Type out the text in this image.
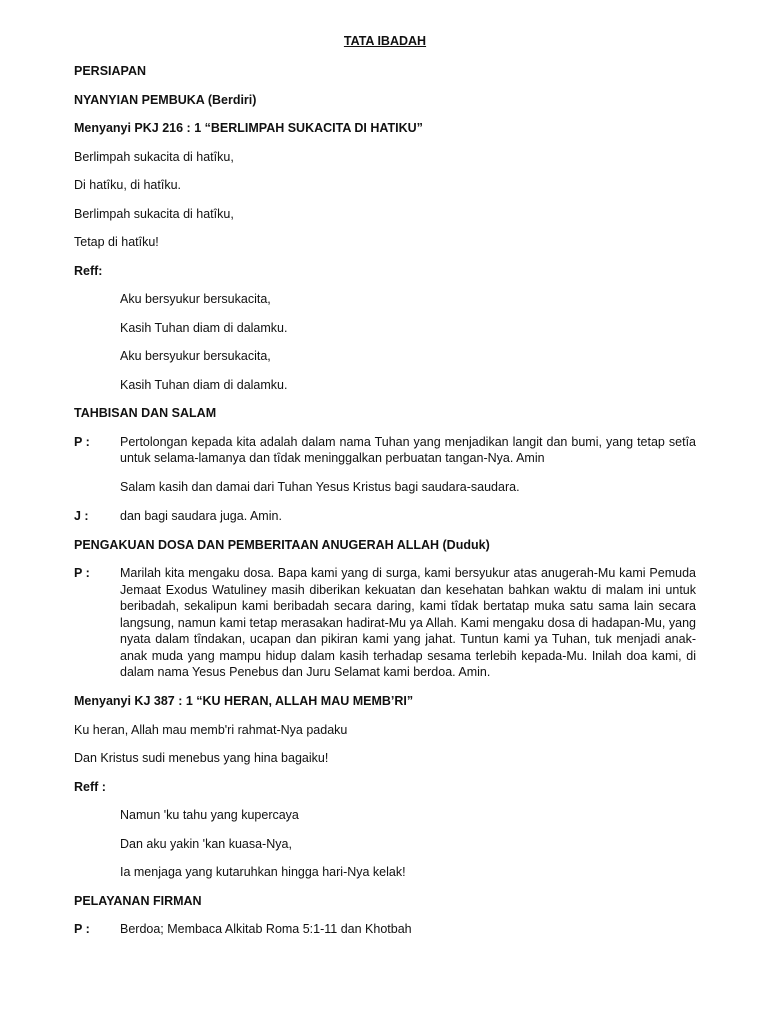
TATA IBADAH
PERSIAPAN
NYANYIAN PEMBUKA (Berdiri)
Menyanyi PKJ 216 : 1 “BERLIMPAH SUKACITA DI HATIKU”
Berlimpah sukacita di hatȋku,
Di hatȋku, di hatȋku.
Berlimpah sukacita di hatȋku,
Tetap di hatȋku!
Reff:
Aku bersyukur bersukacita,
Kasih Tuhan diam di dalamku.
Aku bersyukur bersukacita,
Kasih Tuhan diam di dalamku.
TAHBISAN DAN SALAM
P :	Pertolongan kepada kita adalah dalam nama Tuhan yang menjadikan langit dan bumi, yang tetap setȋa untuk selama-lamanya dan tȋdak meninggalkan perbuatan tangan-Nya. Amin
Salam kasih dan damai dari Tuhan Yesus Kristus bagi saudara-saudara.
J :	dan bagi saudara juga. Amin.
PENGAKUAN DOSA DAN PEMBERITAAN ANUGERAH ALLAH (Duduk)
P :	Marilah kita mengaku dosa. Bapa kami yang di surga, kami bersyukur atas anugerah-Mu kami Pemuda Jemaat Exodus Watuliney masih diberikan kekuatan dan kesehatan bahkan waktu di malam ini untuk beribadah, sekalipun kami beribadah secara daring, kami tȋdak bertatap muka satu sama lain secara langsung, namun kami tetap merasakan hadirat-Mu ya Allah. Kami mengaku dosa di hadapan-Mu, yang nyata dalam tȋndakan, ucapan dan pikiran kami yang jahat. Tuntun kami ya Tuhan, tuk menjadi anak-anak muda yang mampu hidup dalam kasih terhadap sesama terlebih kepada-Mu. Inilah doa kami, di dalam nama Yesus Penebus dan Juru Selamat kami berdoa. Amin.
Menyanyi KJ 387 : 1 “KU HERAN, ALLAH MAU MEMB’RI”
Ku heran, Allah mau memb'ri rahmat-Nya padaku
Dan Kristus sudi menebus yang hina bagaiku!
Reff :
Namun 'ku tahu yang kupercaya
Dan aku yakin 'kan kuasa-Nya,
Ia menjaga yang kutaruhkan hingga hari-Nya kelak!
PELAYANAN FIRMAN
P :	Berdoa; Membaca Alkitab Roma 5:1-11 dan Khotbah
